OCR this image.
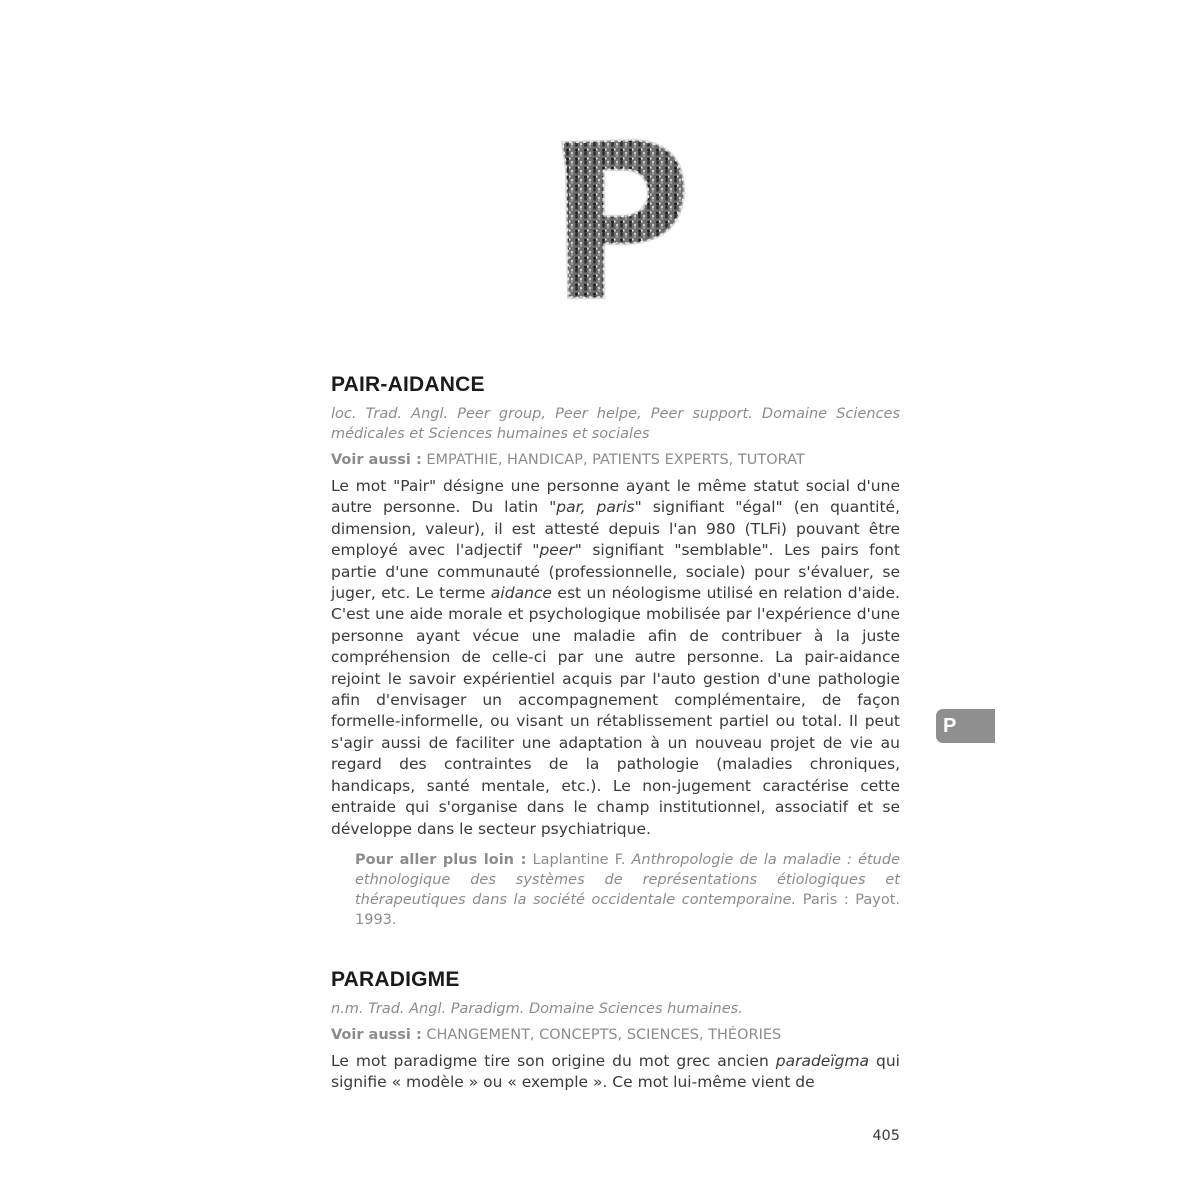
PAIR-AIDANCE

loc. Trad. Angl. Peer group, Peer helpe, Peer support. Domaine Sciences médicales et Sciences humaines et sociales

Voir aussi : EMPATHIE, HANDICAP, PATIENTS EXPERTS, TUTORAT

Le mot "Pair" désigne une personne ayant le même statut social d'une autre personne. Du latin "par, paris" signifiant "égal" (en quantité, dimension, valeur), il est attesté depuis l'an 980 (TLFi) pouvant être employé avec l'adjectif "peer" signifiant "semblable". Les pairs font partie d'une communauté (professionnelle, sociale) pour s'évaluer, se juger, etc. Le terme aidance est un néologisme utilisé en relation d'aide. C'est une aide morale et psychologique mobilisée par l'expérience d'une personne ayant vécue une maladie afin de contribuer à la juste compréhension de celle-ci par une autre personne. La pair-aidance rejoint le savoir expérientiel acquis par l'auto gestion d'une pathologie afin d'envisager un accompagnement complémentaire, de façon formelle-informelle, ou visant un rétablissement partiel ou total. Il peut s'agir aussi de faciliter une adaptation à un nouveau projet de vie au regard des contraintes de la pathologie (maladies chroniques, handicaps, santé mentale, etc.). Le non-jugement caractérise cette entraide qui s'organise dans le champ institutionnel, associatif et se développe dans le secteur psychiatrique.

Pour aller plus loin : Laplantine F. Anthropologie de la maladie : étude ethnologique des systèmes de représentations étiologiques et thérapeutiques dans la société occidentale contemporaine. Paris : Payot. 1993.

PARADIGME

n.m. Trad. Angl. Paradigm. Domaine Sciences humaines.

Voir aussi : CHANGEMENT, CONCEPTS, SCIENCES, THÉORIES

Le mot paradigme tire son origine du mot grec ancien paradeïgma qui signifie « modèle » ou « exemple ». Ce mot lui-même vient de

P
405
